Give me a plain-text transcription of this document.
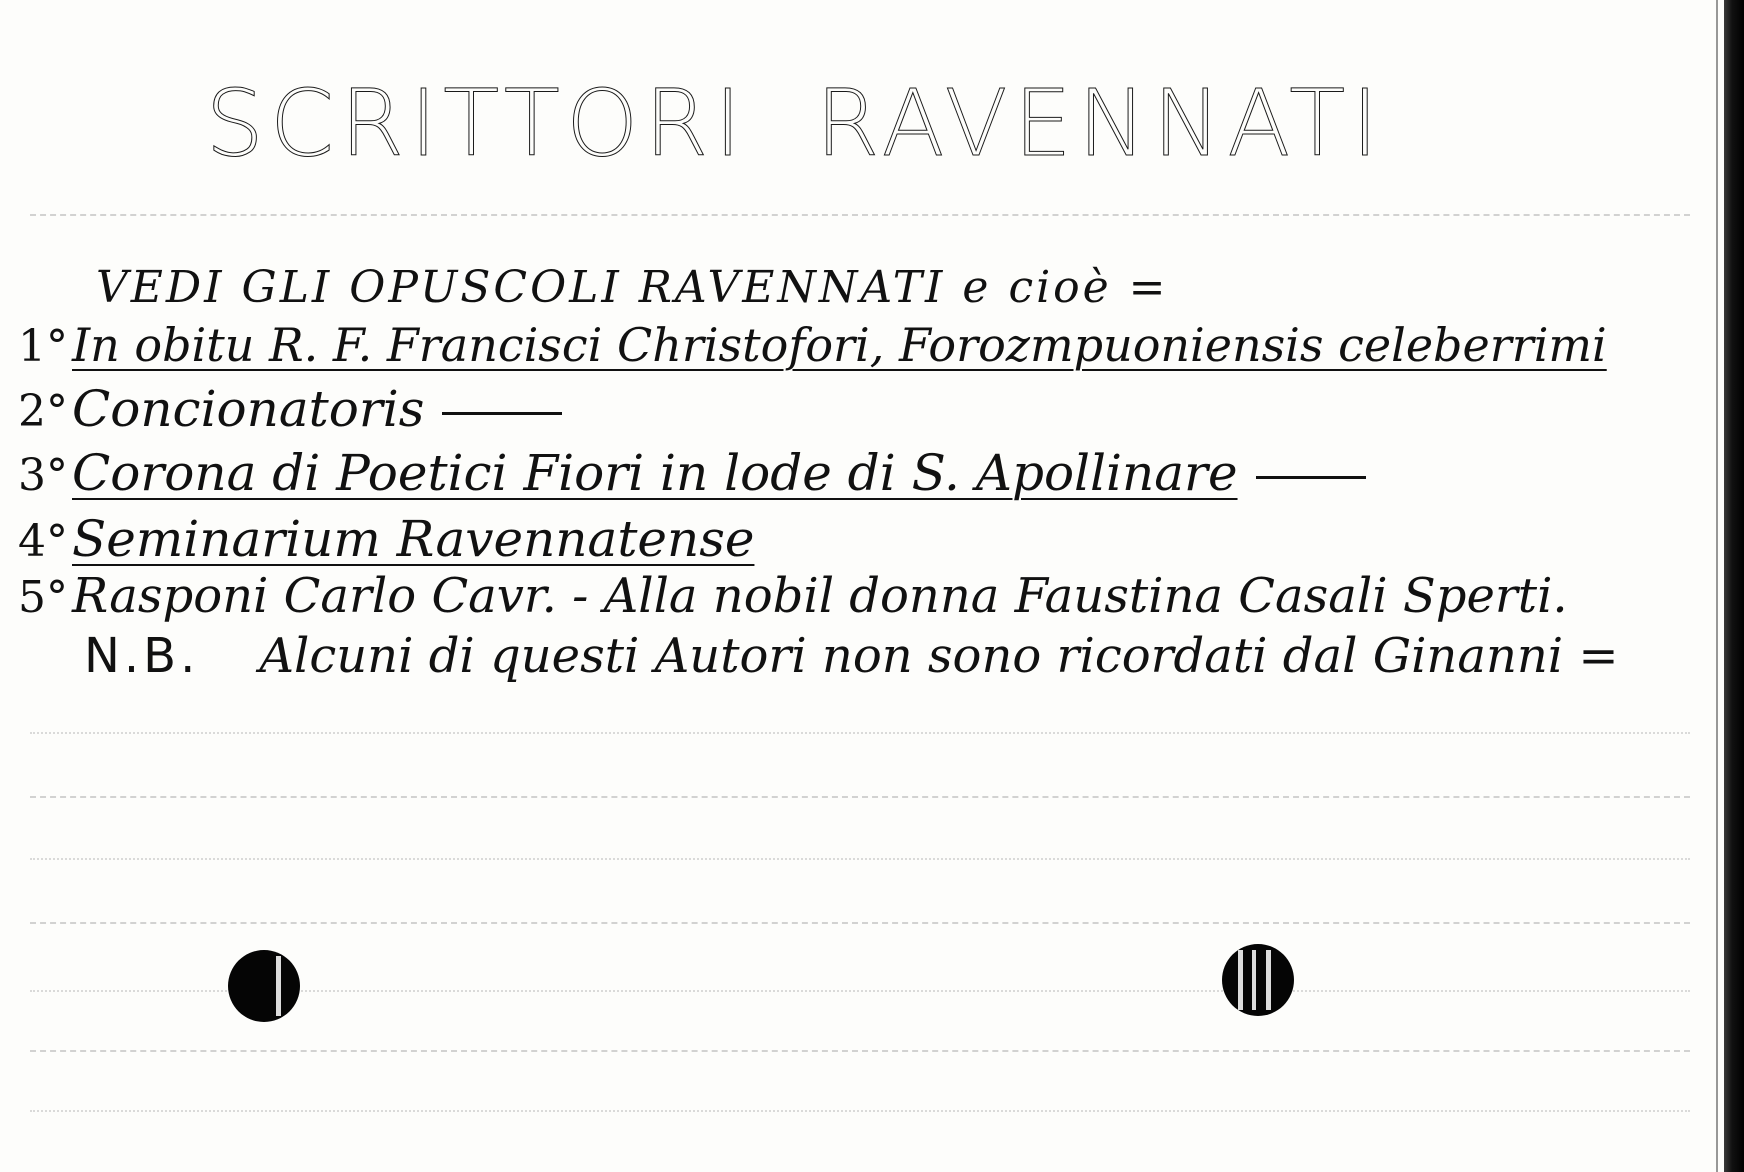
SCRITTORI RAVENNATI
VEDI GLI OPUSCOLI RAVENNATI e cioè =
1°In obitu R. F. Francisci Christofori, Forozmpuoniensis celeberrimi
2°Concionatoris
3°Corona di Poetici Fiori in lode di S. Apollinare
4°Seminarium Ravennatense
5°Rasponi Carlo Cavr. - Alla nobil donna Faustina Casali Sperti.
N.B. Alcuni di questi Autori non sono ricordati dal Ginanni =
